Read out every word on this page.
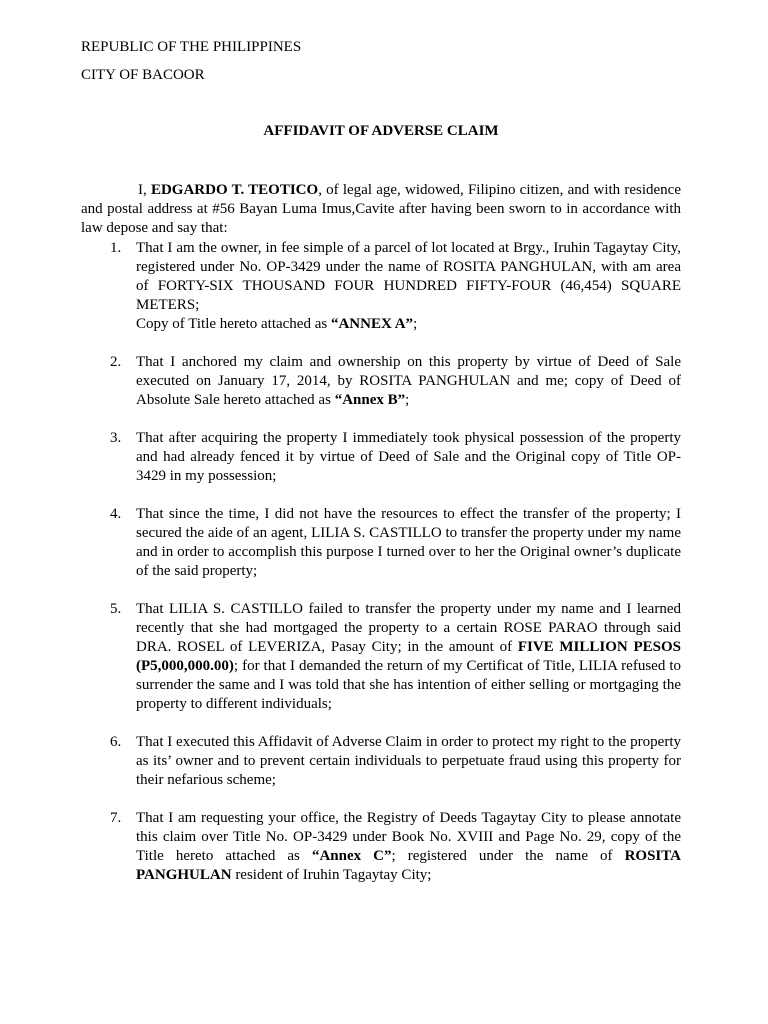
REPUBLIC OF THE PHILIPPINES
CITY OF BACOOR
AFFIDAVIT OF ADVERSE CLAIM

I, EDGARDO T. TEOTICO, of legal age, widowed, Filipino citizen, and with residence and postal address at #56 Bayan Luma Imus,Cavite after having been sworn to in accordance with law depose and say that:

1. That I am the owner, in fee simple of a parcel of lot located at Brgy., Iruhin Tagaytay City, registered under No. OP-3429 under the name of ROSITA PANGHULAN, with am area of FORTY-SIX THOUSAND FOUR HUNDRED FIFTY-FOUR (46,454) SQUARE METERS;
Copy of Title hereto attached as “ANNEX A”;
2. That I anchored my claim and ownership on this property by virtue of Deed of Sale executed on January 17, 2014, by ROSITA PANGHULAN and me; copy of Deed of Absolute Sale hereto attached as “Annex B”;
3. That after acquiring the property I immediately took physical possession of the property and had already fenced it by virtue of Deed of Sale and the Original copy of Title OP-3429 in my possession;
4. That since the time, I did not have the resources to effect the transfer of the property; I secured the aide of an agent, LILIA S. CASTILLO to transfer the property under my name and in order to accomplish this purpose I turned over to her the Original owner’s duplicate of the said property;
5. That LILIA S. CASTILLO failed to transfer the property under my name and I learned recently that she had mortgaged the property to a certain ROSE PARAO through said DRA. ROSEL of LEVERIZA, Pasay City; in the amount of FIVE MILLION PESOS (P5,000,000.00); for that I demanded the return of my Certificat of Title, LILIA refused to surrender the same and I was told that she has intention of either selling or mortgaging the property to different individuals;
6. That I executed this Affidavit of Adverse Claim in order to protect my right to the property as its’ owner and to prevent certain individuals to perpetuate fraud using this property for their nefarious scheme;
7. That I am requesting your office, the Registry of Deeds Tagaytay City to please annotate this claim over Title No. OP-3429 under Book No. XVIII and Page No. 29, copy of the Title hereto attached as “Annex C”; registered under the name of ROSITA PANGHULAN resident of Iruhin Tagaytay City;
